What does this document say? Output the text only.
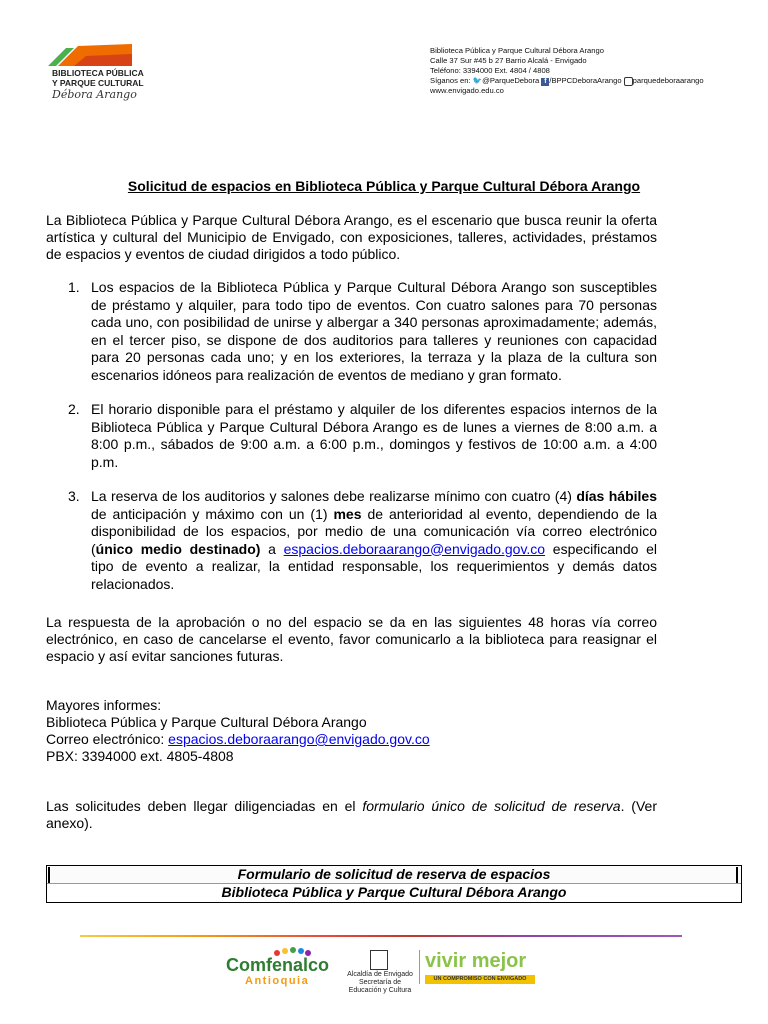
BIBLIOTECA PÚBLICA
Y PARQUE CULTURAL
Débora Arango
Biblioteca Pública y Parque Cultural Débora Arango
Calle 37 Sur #45 b 27 Barrio Alcalá - Envigado
Teléfono: 3394000 Ext. 4804 / 4808
Síganos en: 🐦@ParqueDebora f /BPPCDeboraArango parquedeboraarango
www.envigado.edu.co
Solicitud de espacios en Biblioteca Pública y Parque Cultural Débora Arango
La Biblioteca Pública y Parque Cultural Débora Arango, es el escenario que busca reunir la oferta artística y cultural del Municipio de Envigado, con exposiciones, talleres, actividades, préstamos de espacios y eventos de ciudad dirigidos a todo público.
1. Los espacios de la Biblioteca Pública y Parque Cultural Débora Arango son susceptibles de préstamo y alquiler, para todo tipo de eventos. Con cuatro salones para 70 personas cada uno, con posibilidad de unirse y albergar a 340 personas aproximadamente; además, en el tercer piso, se dispone de dos auditorios para talleres y reuniones con capacidad para 20 personas cada uno; y en los exteriores, la terraza y la plaza de la cultura son escenarios idóneos para realización de eventos de mediano y gran formato.
2. El horario disponible para el préstamo y alquiler de los diferentes espacios internos de la Biblioteca Pública y Parque Cultural Débora Arango es de lunes a viernes de 8:00 a.m. a 8:00 p.m., sábados de 9:00 a.m. a 6:00 p.m., domingos y festivos de 10:00 a.m. a 4:00 p.m.
3. La reserva de los auditorios y salones debe realizarse mínimo con cuatro (4) días hábiles de anticipación y máximo con un (1) mes de anterioridad al evento, dependiendo de la disponibilidad de los espacios, por medio de una comunicación vía correo electrónico (único medio destinado) a espacios.deboraarango@envigado.gov.co especificando el tipo de evento a realizar, la entidad responsable, los requerimientos y demás datos relacionados.
La respuesta de la aprobación o no del espacio se da en las siguientes 48 horas vía correo electrónico, en caso de cancelarse el evento, favor comunicarlo a la biblioteca para reasignar el espacio y así evitar sanciones futuras.
Mayores informes:
Biblioteca Pública y Parque Cultural Débora Arango
Correo electrónico: espacios.deboraarango@envigado.gov.co
PBX: 3394000 ext. 4805-4808
Las solicitudes deben llegar diligenciadas en el formulario único de solicitud de reserva. (Ver anexo).
Formulario de solicitud de reserva de espacios
Biblioteca Pública y Parque Cultural Débora Arango
Comfenalco
Antioquia
Alcaldía de Envigado
Secretaría de Educación y Cultura
vivir mejor
UN COMPROMISO CON ENVIGADO
